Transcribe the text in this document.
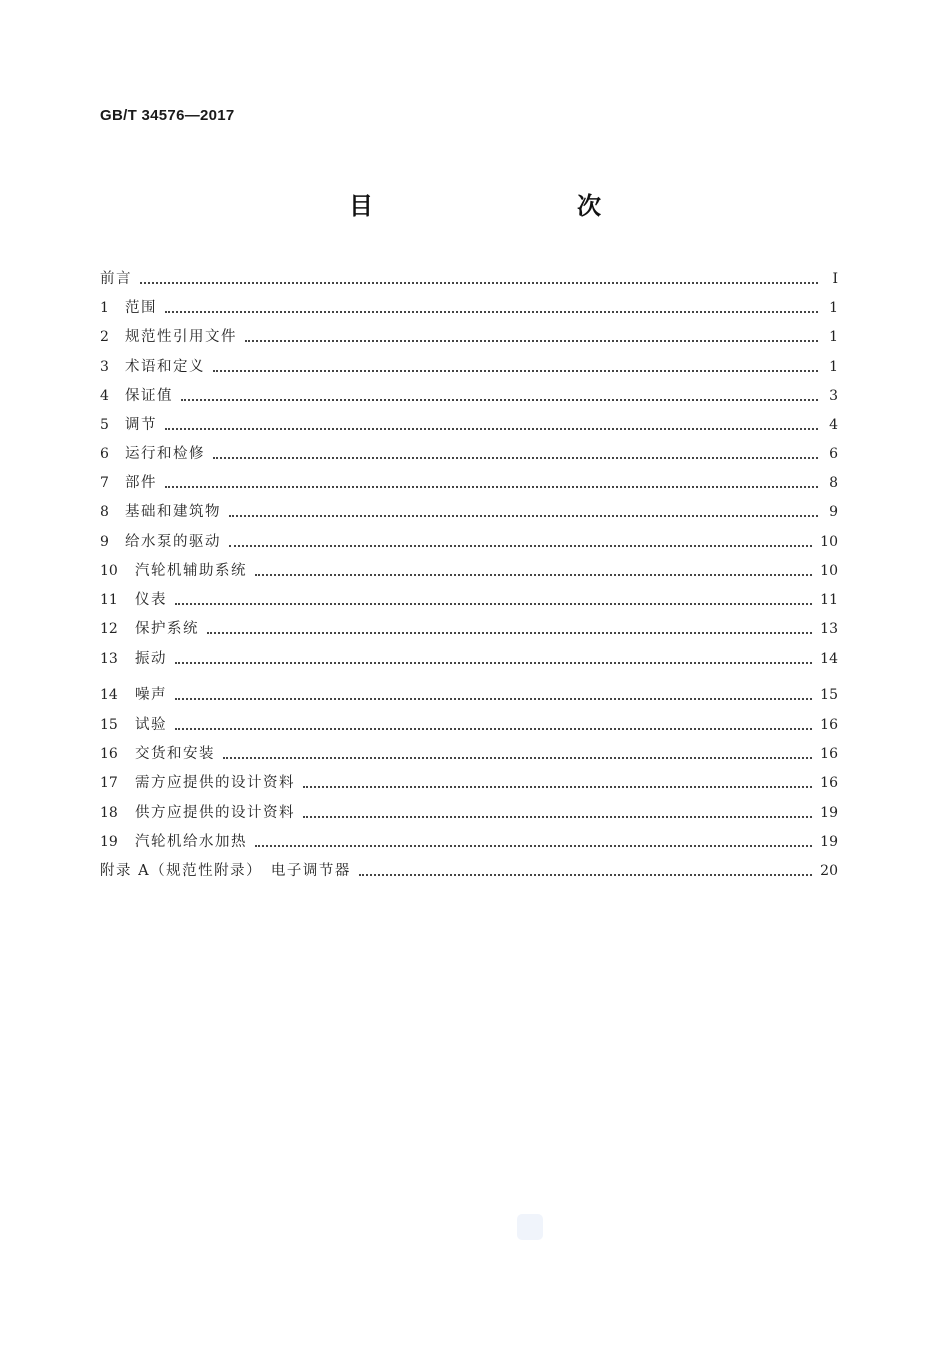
GB/T 34576—2017
目　　次
前言	Ⅰ
1	范围	1
2	规范性引用文件	1
3	术语和定义	1
4	保证值	3
5	调节	4
6	运行和检修	6
7	部件	8
8	基础和建筑物	9
9	给水泵的驱动	10
10	汽轮机辅助系统	10
11	仪表	11
12	保护系统	13
13	振动	14
14	噪声	15
15	试验	16
16	交货和安装	16
17	需方应提供的设计资料	16
18	供方应提供的设计资料	19
19	汽轮机给水加热	19
附录 A（规范性附录）　电子调节器	20
